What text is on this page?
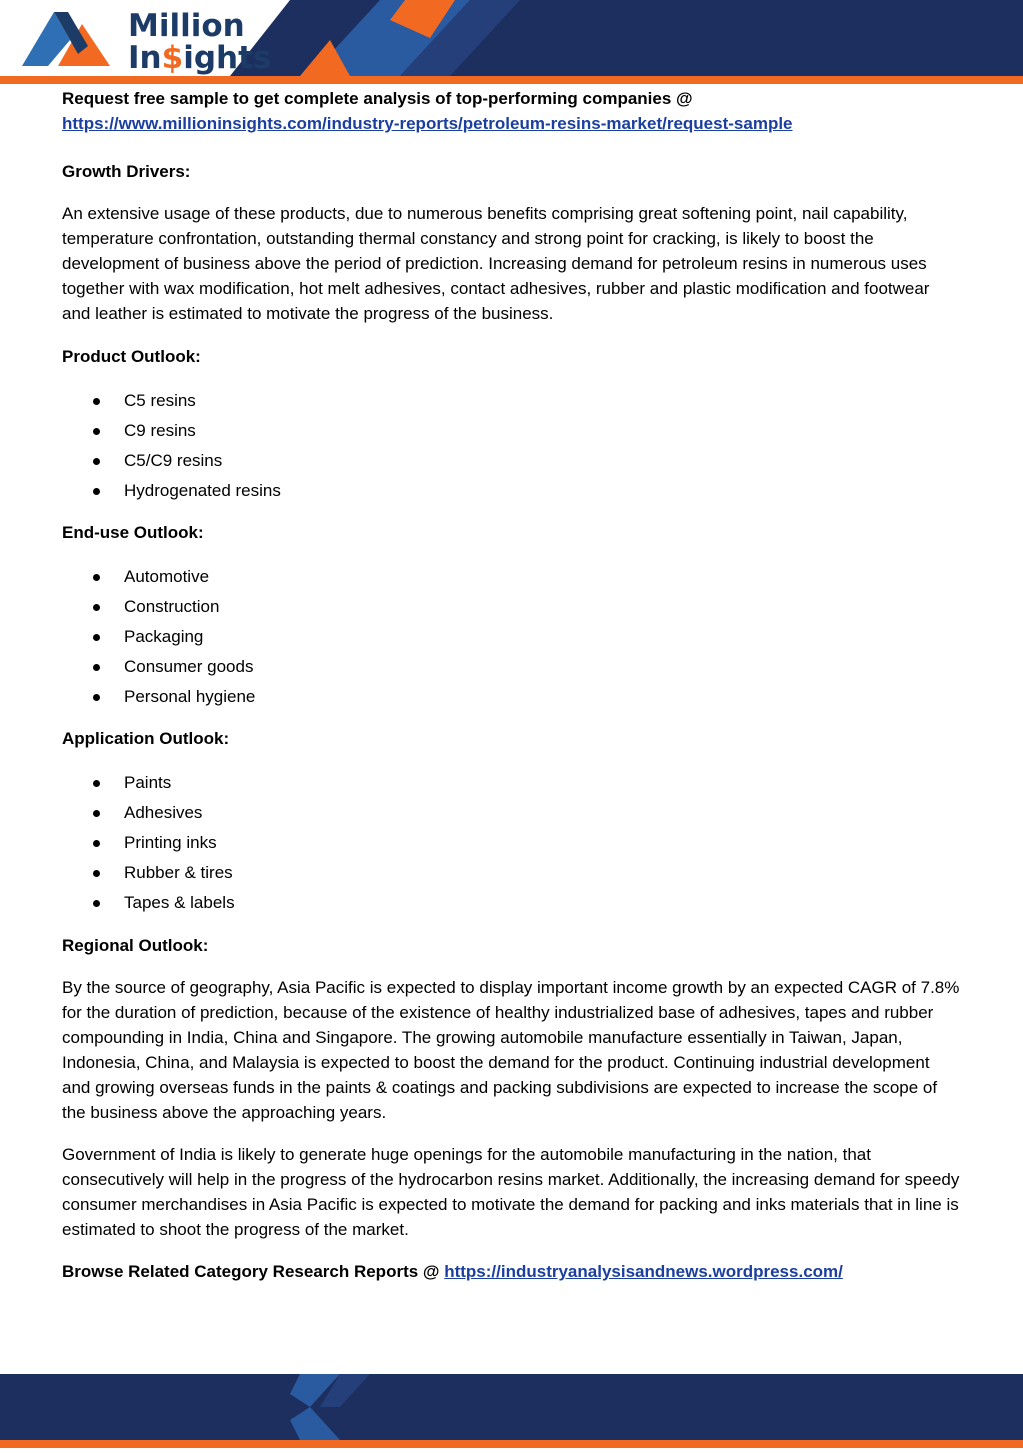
Million
In$ights

Request free sample to get complete analysis of top-performing companies @

https://www.millioninsights.com/industry-reports/petroleum-resins-market/request-sample

Growth Drivers:

An extensive usage of these products, due to numerous benefits comprising great softening point, nail capability, temperature confrontation, outstanding thermal constancy and strong point for cracking, is likely to boost the development of business above the period of prediction. Increasing demand for petroleum resins in numerous uses together with wax modification, hot melt adhesives, contact adhesives, rubber and plastic modification and footwear and leather is estimated to motivate the progress of the business.

Product Outlook:

C5 resins
C9 resins
C5/C9 resins
Hydrogenated resins

End-use Outlook:

Automotive
Construction
Packaging
Consumer goods
Personal hygiene

Application Outlook:

Paints
Adhesives
Printing inks
Rubber & tires
Tapes & labels

Regional Outlook:

By the source of geography, Asia Pacific is expected to display important income growth by an expected CAGR of 7.8% for the duration of prediction, because of the existence of healthy industrialized base of adhesives, tapes and rubber compounding in India, China and Singapore. The growing automobile manufacture essentially in Taiwan, Japan, Indonesia, China, and Malaysia is expected to boost the demand for the product. Continuing industrial development and growing overseas funds in the paints & coatings and packing subdivisions are expected to increase the scope of the business above the approaching years.

Government of India is likely to generate huge openings for the automobile manufacturing in the nation, that consecutively will help in the progress of the hydrocarbon resins market. Additionally, the increasing demand for speedy consumer merchandises in Asia Pacific is expected to motivate the demand for packing and inks materials that in line is estimated to shoot the progress of the market.

Browse Related Category Research Reports @ https://industryanalysisandnews.wordpress.com/
